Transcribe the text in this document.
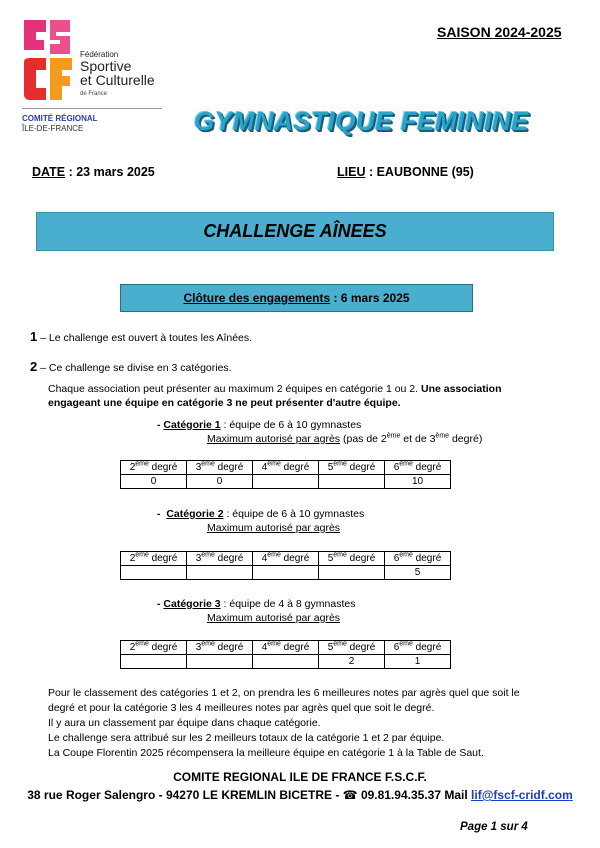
Fédération
Sportive
et Culturelle
de France
COMITÉ RÉGIONAL
ÎLE-DE-FRANCE
SAISON 2024-2025
GYMNASTIQUE FEMININE
DATE : 23 mars 2025	LIEU : EAUBONNE (95)
CHALLENGE AÎNEES
Clôture des engagements : 6 mars 2025
1 – Le challenge est ouvert à toutes les Aînées.
2 – Ce challenge se divise en 3 catégories.
Chaque association peut présenter au maximum 2 équipes en catégorie 1 ou 2. Une association engageant une équipe en catégorie 3 ne peut présenter d'autre équipe.
- Catégorie 1 : équipe de 6 à 10 gymnastes
Maximum autorisé par agrès (pas de 2ème et de 3ème degré)
2ème degré	3ème degré	4ème degré	5ème degré	6ème degré
0	0			10
-  Catégorie 2 : équipe de 6 à 10 gymnastes
Maximum autorisé par agrès
2ème degré	3ème degré	4ème degré	5ème degré	6ème degré
				5
- Catégorie 3 : équipe de 4 à 8 gymnastes
Maximum autorisé par agrès
2ème degré	3ème degré	4ème degré	5ème degré	6ème degré
			2	1
Pour le classement des catégories 1 et 2, on prendra les 6 meilleures notes par agrès quel que soit le
degré et pour la catégorie 3 les 4 meilleures notes par agrès quel que soit le degré.
Il y aura un classement par équipe dans chaque catégorie.
Le challenge sera attribué sur les 2 meilleurs totaux de la catégorie 1 et 2 par équipe.
La Coupe Florentin 2025 récompensera la meilleure équipe en catégorie 1 à la Table de Saut.
COMITE REGIONAL ILE DE FRANCE F.S.C.F.
38 rue Roger Salengro - 94270 LE KREMLIN BICETRE - ☎ 09.81.94.35.37 Mail lif@fscf-cridf.com
Page 1 sur 4
